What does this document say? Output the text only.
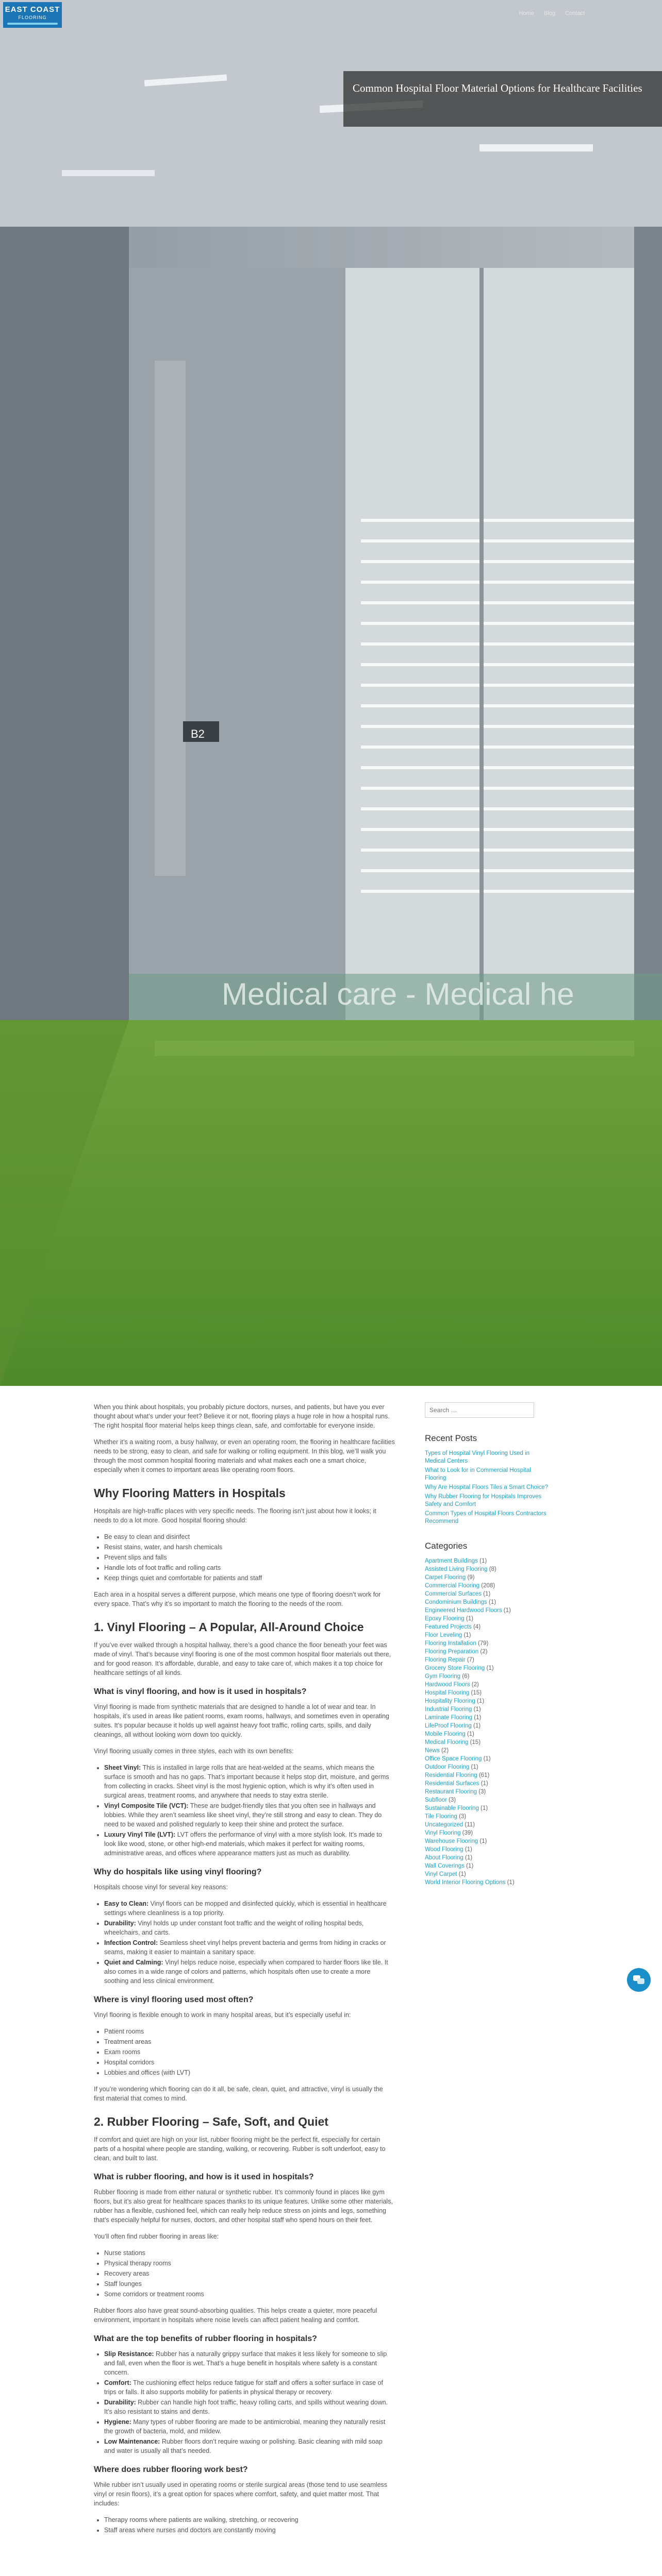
Medical care - Medical he
B2
EAST COAST
FLOORING
Home Blog Contact
Common Hospital Floor Material Options for Healthcare Facilities

When you think about hospitals, you probably picture doctors, nurses, and patients, but have you ever thought about what’s under your feet? Believe it or not, flooring plays a huge role in how a hospital runs. The right hospital floor material helps keep things clean, safe, and comfortable for everyone inside.

Whether it’s a waiting room, a busy hallway, or even an operating room, the flooring in healthcare facilities needs to be strong, easy to clean, and safe for walking or rolling equipment. In this blog, we’ll walk you through the most common hospital flooring materials and what makes each one a smart choice, especially when it comes to important areas like operating room floors.

Why Flooring Matters in Hospitals

Hospitals are high-traffic places with very specific needs. The flooring isn’t just about how it looks; it needs to do a lot more. Good hospital flooring should:

• Be easy to clean and disinfect
• Resist stains, water, and harsh chemicals
• Prevent slips and falls
• Handle lots of foot traffic and rolling carts
• Keep things quiet and comfortable for patients and staff

Each area in a hospital serves a different purpose, which means one type of flooring doesn’t work for every space. That’s why it’s so important to match the flooring to the needs of the room.

1. Vinyl Flooring – A Popular, All-Around Choice

If you’ve ever walked through a hospital hallway, there’s a good chance the floor beneath your feet was made of vinyl. That’s because vinyl flooring is one of the most common hospital floor materials out there, and for good reason. It’s affordable, durable, and easy to take care of, which makes it a top choice for healthcare settings of all kinds.

What is vinyl flooring, and how is it used in hospitals?

Vinyl flooring is made from synthetic materials that are designed to handle a lot of wear and tear. In hospitals, it’s used in areas like patient rooms, exam rooms, hallways, and sometimes even in operating suites. It’s popular because it holds up well against heavy foot traffic, rolling carts, spills, and daily cleanings, all without looking worn down too quickly.

Vinyl flooring usually comes in three styles, each with its own benefits:

• Sheet Vinyl: This is installed in large rolls that are heat-welded at the seams, which means the surface is smooth and has no gaps. That’s important because it helps stop dirt, moisture, and germs from collecting in cracks. Sheet vinyl is the most hygienic option, which is why it’s often used in surgical areas, treatment rooms, and anywhere that needs to stay extra sterile.
• Vinyl Composite Tile (VCT): These are budget-friendly tiles that you often see in hallways and lobbies. While they aren’t seamless like sheet vinyl, they’re still strong and easy to clean. They do need to be waxed and polished regularly to keep their shine and protect the surface.
• Luxury Vinyl Tile (LVT): LVT offers the performance of vinyl with a more stylish look. It’s made to look like wood, stone, or other high-end materials, which makes it perfect for waiting rooms, administrative areas, and offices where appearance matters just as much as durability.
Why do hospitals like using vinyl flooring?

Hospitals choose vinyl for several key reasons:

• Easy to Clean: Vinyl floors can be mopped and disinfected quickly, which is essential in healthcare settings where cleanliness is a top priority.
• Durability: Vinyl holds up under constant foot traffic and the weight of rolling hospital beds, wheelchairs, and carts.
• Infection Control: Seamless sheet vinyl helps prevent bacteria and germs from hiding in cracks or seams, making it easier to maintain a sanitary space.
• Quiet and Calming: Vinyl helps reduce noise, especially when compared to harder floors like tile. It also comes in a wide range of colors and patterns, which hospitals often use to create a more soothing and less clinical environment.
Where is vinyl flooring used most often?

Vinyl flooring is flexible enough to work in many hospital areas, but it’s especially useful in:

• Patient rooms
• Treatment areas
• Exam rooms
• Hospital corridors
• Lobbies and offices (with LVT)

If you’re wondering which flooring can do it all, be safe, clean, quiet, and attractive, vinyl is usually the first material that comes to mind.

2. Rubber Flooring – Safe, Soft, and Quiet

If comfort and quiet are high on your list, rubber flooring might be the perfect fit, especially for certain parts of a hospital where people are standing, walking, or recovering. Rubber is soft underfoot, easy to clean, and built to last.

What is rubber flooring, and how is it used in hospitals?

Rubber flooring is made from either natural or synthetic rubber. It’s commonly found in places like gym floors, but it’s also great for healthcare spaces thanks to its unique features. Unlike some other materials, rubber has a flexible, cushioned feel, which can really help reduce stress on joints and legs, something that’s especially helpful for nurses, doctors, and other hospital staff who spend hours on their feet.

You’ll often find rubber flooring in areas like:

• Nurse stations
• Physical therapy rooms
• Recovery areas
• Staff lounges
• Some corridors or treatment rooms

Rubber floors also have great sound-absorbing qualities. This helps create a quieter, more peaceful environment, important in hospitals where noise levels can affect patient healing and comfort.

What are the top benefits of rubber flooring in hospitals?
• Slip Resistance: Rubber has a naturally grippy surface that makes it less likely for someone to slip and fall, even when the floor is wet. That’s a huge benefit in hospitals where safety is a constant concern.
• Comfort: The cushioning effect helps reduce fatigue for staff and offers a softer surface in case of trips or falls. It also supports mobility for patients in physical therapy or recovery.
• Durability: Rubber can handle high foot traffic, heavy rolling carts, and spills without wearing down. It’s also resistant to stains and dents.
• Hygiene: Many types of rubber flooring are made to be antimicrobial, meaning they naturally resist the growth of bacteria, mold, and mildew.
• Low Maintenance: Rubber floors don’t require waxing or polishing. Basic cleaning with mild soap and water is usually all that’s needed.
Where does rubber flooring work best?

While rubber isn’t usually used in operating rooms or sterile surgical areas (those tend to use seamless vinyl or resin floors), it’s a great option for spaces where comfort, safety, and quiet matter most. That includes:

• Therapy rooms where patients are walking, stretching, or recovering
• Staff areas where nurses and doctors are constantly moving
Search …
Recent Posts
Types of Hospital Vinyl Flooring Used in Medical Centers
What to Look for in Commercial Hospital Flooring
Why Are Hospital Floors Tiles a Smart Choice?
Why Rubber Flooring for Hospitals Improves Safety and Comfort
Common Types of Hospital Floors Contractors Recommend
Categories
Apartment Buildings (1)
Assisted Living Flooring (8)
Carpet Flooring (9)
Commercial Flooring (208)
Commercial Surfaces (1)
Condominium Buildings (1)
Engineered Hardwood Floors (1)
Epoxy Flooring (1)
Featured Projects (4)
Floor Leveling (1)
Flooring Installation (79)
Flooring Preparation (2)
Flooring Repair (7)
Grocery Store Flooring (1)
Gym Flooring (6)
Hardwood Floors (2)
Hospital Flooring (15)
Hospitality Flooring (1)
Industrial Flooring (1)
Laminate Flooring (1)
LifeProof Flooring (1)
Mobile Flooring (1)
Medical Flooring (15)
News (2)
Office Space Flooring (1)
Outdoor Flooring (1)
Residential Flooring (61)
Residential Surfaces (1)
Restaurant Flooring (3)
Subfloor (3)
Sustainable Flooring (1)
Tile Flooring (3)
Uncategorized (11)
Vinyl Flooring (39)
Warehouse Flooring (1)
Wood Flooring (1)
About Flooring (1)
Wall Coverings (1)
Vinyl Carpet (1)
World Interior Flooring Options (1)
